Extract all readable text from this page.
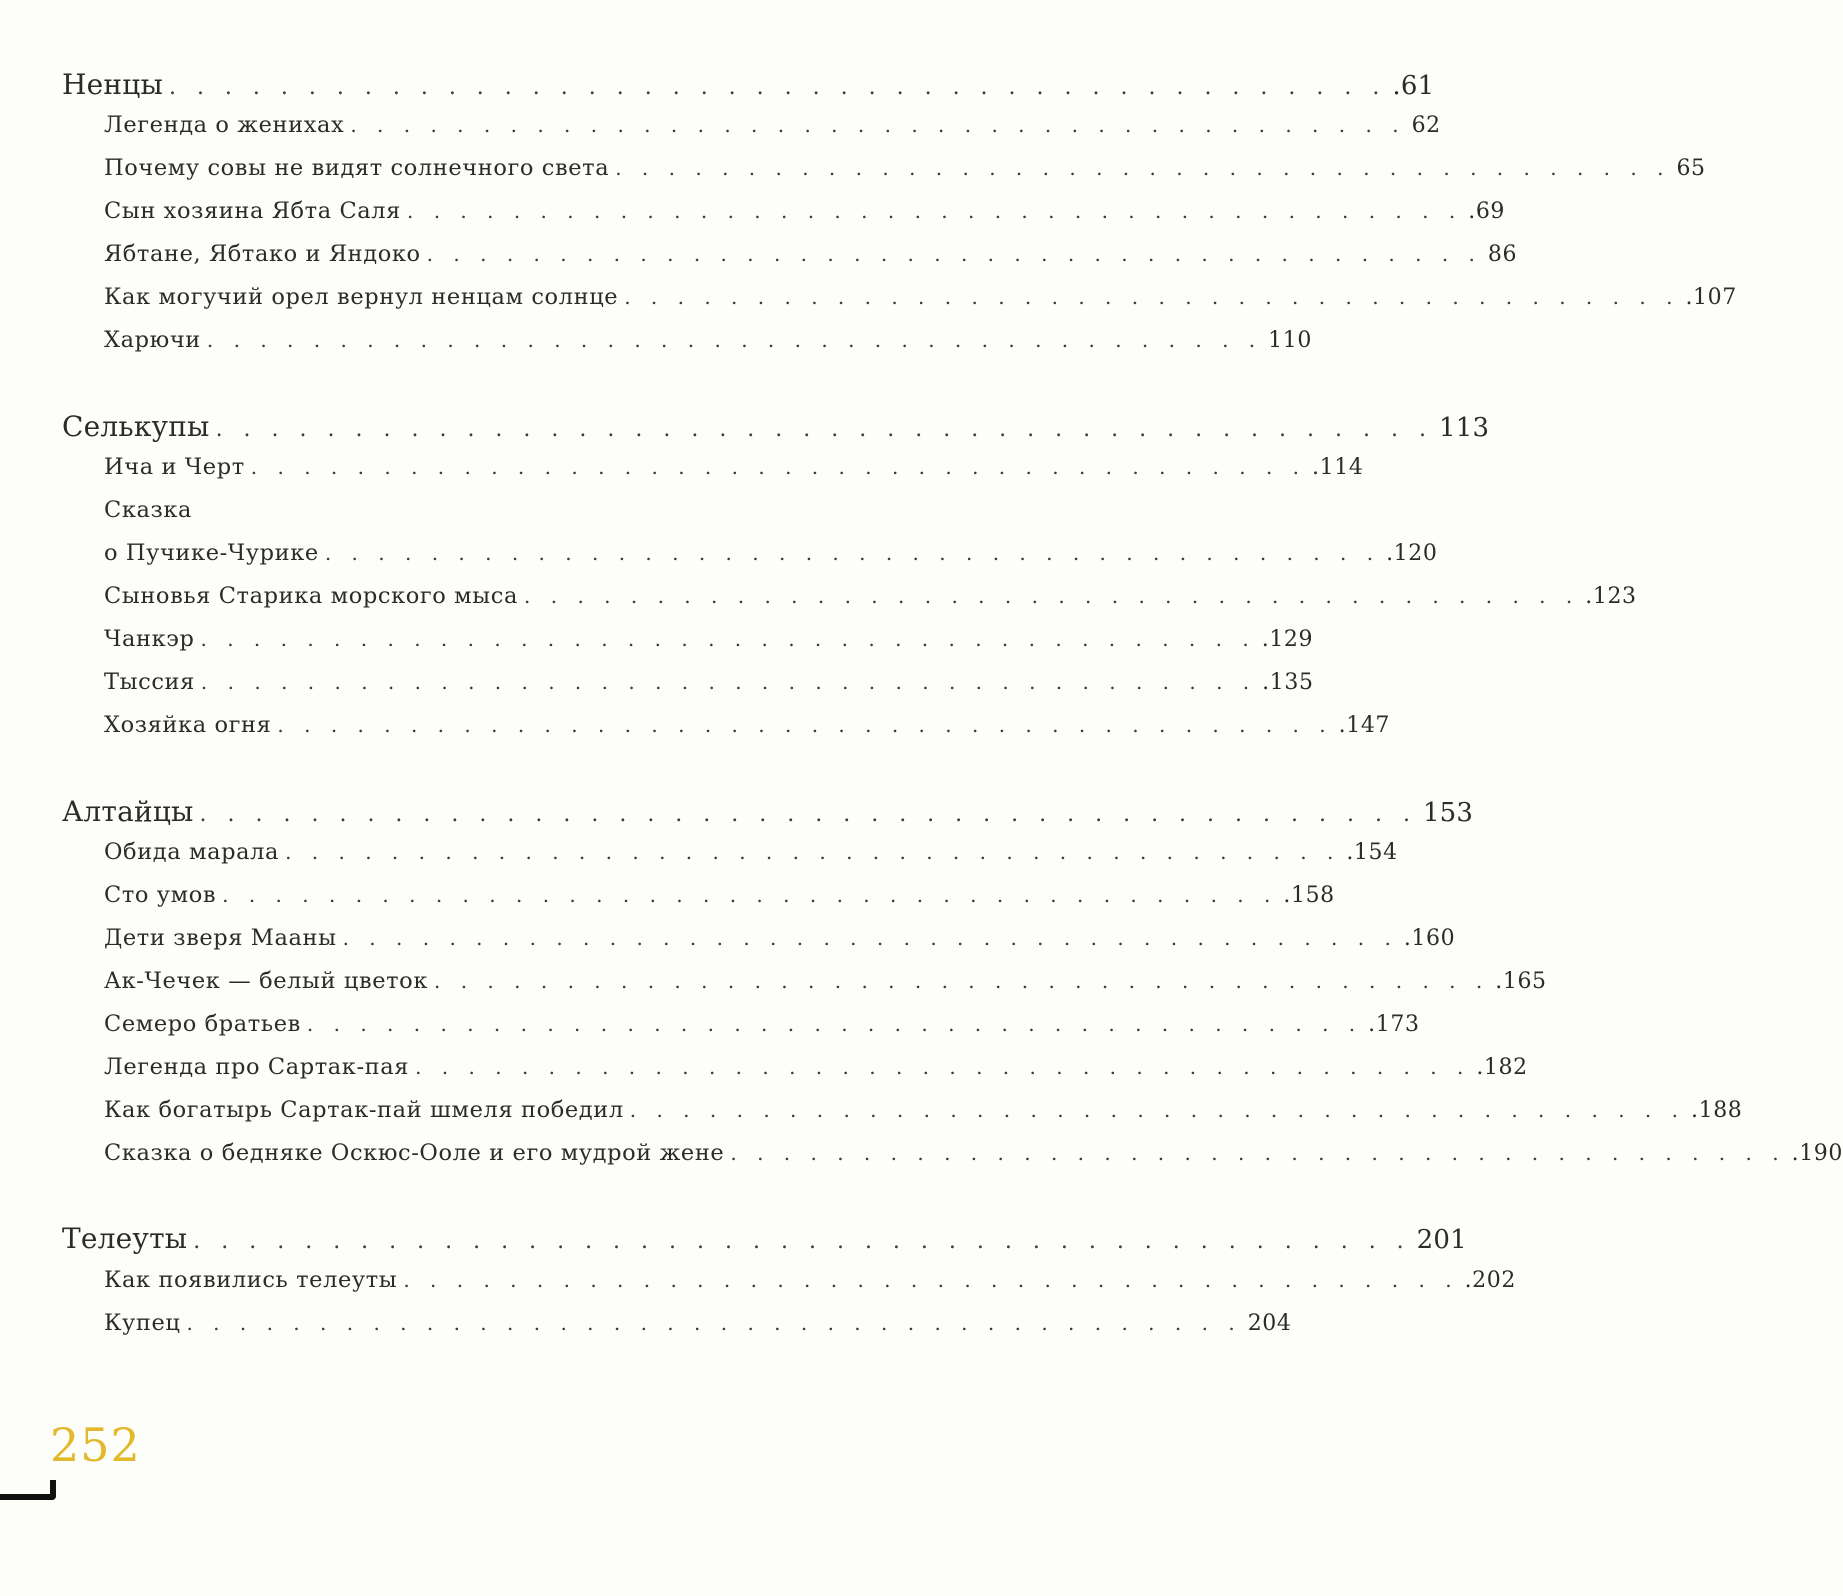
Ненцы . . . . . . . . . . . . . . . . . . . . . . . . . . . . . . . . . . . . . . . . . . . . .61
Легенда о женихах . . . . . . . . . . . . . . . . . . . . . . . . . . . . . . . . . . . . . . . . 62
Почему совы не видят солнечного света . . . . . . . . . . . . . . . . . . . . . . . . . . . . . . . . . . . . . . . . 65
Сын хозяина Ябта Саля . . . . . . . . . . . . . . . . . . . . . . . . . . . . . . . . . . . . . . . . .69
Ябтане, Ябтако и Яндоко . . . . . . . . . . . . . . . . . . . . . . . . . . . . . . . . . . . . . . . . 86
Как могучий орел вернул ненцам солнце . . . . . . . . . . . . . . . . . . . . . . . . . . . . . . . . . . . . . . . . .107
Харючи . . . . . . . . . . . . . . . . . . . . . . . . . . . . . . . . . . . . . . . . 110
Селькупы . . . . . . . . . . . . . . . . . . . . . . . . . . . . . . . . . . . . . . . . . . . . 113
Ича и Черт . . . . . . . . . . . . . . . . . . . . . . . . . . . . . . . . . . . . . . . . .114
Сказка
о Пучике-Чурике . . . . . . . . . . . . . . . . . . . . . . . . . . . . . . . . . . . . . . . . .120
Сыновья Старика морского мыса . . . . . . . . . . . . . . . . . . . . . . . . . . . . . . . . . . . . . . . . .123
Чанкэр . . . . . . . . . . . . . . . . . . . . . . . . . . . . . . . . . . . . . . . . .129
Тыссия . . . . . . . . . . . . . . . . . . . . . . . . . . . . . . . . . . . . . . . . .135
Хозяйка огня . . . . . . . . . . . . . . . . . . . . . . . . . . . . . . . . . . . . . . . . .147
Алтайцы . . . . . . . . . . . . . . . . . . . . . . . . . . . . . . . . . . . . . . . . . . . . 153
Обида марала . . . . . . . . . . . . . . . . . . . . . . . . . . . . . . . . . . . . . . . . .154
Сто умов . . . . . . . . . . . . . . . . . . . . . . . . . . . . . . . . . . . . . . . . .158
Дети зверя Мааны . . . . . . . . . . . . . . . . . . . . . . . . . . . . . . . . . . . . . . . . .160
Ак-Чечек — белый цветок . . . . . . . . . . . . . . . . . . . . . . . . . . . . . . . . . . . . . . . . .165
Семеро братьев . . . . . . . . . . . . . . . . . . . . . . . . . . . . . . . . . . . . . . . . .173
Легенда про Сартак-пая . . . . . . . . . . . . . . . . . . . . . . . . . . . . . . . . . . . . . . . . .182
Как богатырь Сартак-пай шмеля победил . . . . . . . . . . . . . . . . . . . . . . . . . . . . . . . . . . . . . . . . .188
Сказка о бедняке Оскюс-Ооле и его мудрой жене . . . . . . . . . . . . . . . . . . . . . . . . . . . . . . . . . . . . . . . . .190
Телеуты . . . . . . . . . . . . . . . . . . . . . . . . . . . . . . . . . . . . . . . . . . . . 201
Как появились телеуты . . . . . . . . . . . . . . . . . . . . . . . . . . . . . . . . . . . . . . . . .202
Купец . . . . . . . . . . . . . . . . . . . . . . . . . . . . . . . . . . . . . . . . 204
252
